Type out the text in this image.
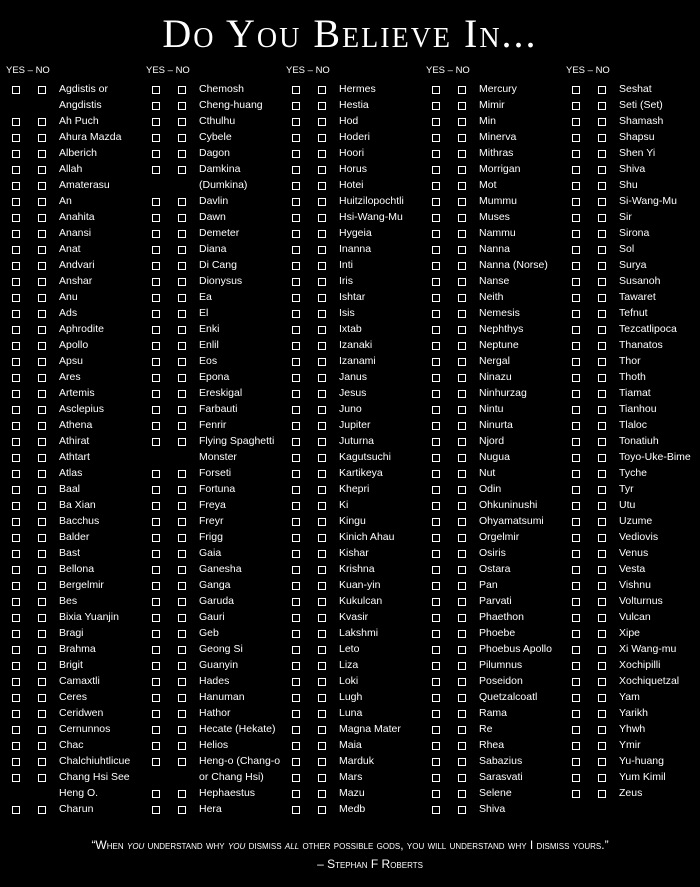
Do You Believe In...
YES – NO
Agdistis or
Angdistis
Ah Puch
Ahura Mazda
Alberich
Allah
Amaterasu
An
Anahita
Anansi
Anat
Andvari
Anshar
Anu
Ads
Aphrodite
Apollo
Apsu
Ares
Artemis
Asclepius
Athena
Athirat
Athtart
Atlas
Baal
Ba Xian
Bacchus
Balder
Bast
Bellona
Bergelmir
Bes
Bixia Yuanjin
Bragi
Brahma
Brigit
Camaxtli
Ceres
Ceridwen
Cernunnos
Chac
Chalchiuhtlicue
Chang Hsi See
Heng O.
Charun
YES – NO
Chemosh
Cheng-huang
Cthulhu
Cybele
Dagon
Damkina
(Dumkina)
Davlin
Dawn
Demeter
Diana
Di Cang
Dionysus
Ea
El
Enki
Enlil
Eos
Epona
Ereskigal
Farbauti
Fenrir
Flying Spaghetti
Monster
Forseti
Fortuna
Freya
Freyr
Frigg
Gaia
Ganesha
Ganga
Garuda
Gauri
Geb
Geong Si
Guanyin
Hades
Hanuman
Hathor
Hecate (Hekate)
Helios
Heng-o (Chang-o
or Chang Hsi)
Hephaestus
Hera
YES – NO
Hermes
Hestia
Hod
Hoderi
Hoori
Horus
Hotei
Huitzilopochtli
Hsi-Wang-Mu
Hygeia
Inanna
Inti
Iris
Ishtar
Isis
Ixtab
Izanaki
Izanami
Janus
Jesus
Juno
Jupiter
Juturna
Kagutsuchi
Kartikeya
Khepri
Ki
Kingu
Kinich Ahau
Kishar
Krishna
Kuan-yin
Kukulcan
Kvasir
Lakshmi
Leto
Liza
Loki
Lugh
Luna
Magna Mater
Maia
Marduk
Mars
Mazu
Medb
YES – NO
Mercury
Mimir
Min
Minerva
Mithras
Morrigan
Mot
Mummu
Muses
Nammu
Nanna
Nanna (Norse)
Nanse
Neith
Nemesis
Nephthys
Neptune
Nergal
Ninazu
Ninhurzag
Nintu
Ninurta
Njord
Nugua
Nut
Odin
Ohkuninushi
Ohyamatsumi
Orgelmir
Osiris
Ostara
Pan
Parvati
Phaethon
Phoebe
Phoebus Apollo
Pilumnus
Poseidon
Quetzalcoatl
Rama
Re
Rhea
Sabazius
Sarasvati
Selene
Shiva
YES – NO
Seshat
Seti (Set)
Shamash
Shapsu
Shen Yi
Shiva
Shu
Si-Wang-Mu
Sir
Sirona
Sol
Surya
Susanoh
Tawaret
Tefnut
Tezcatlipoca
Thanatos
Thor
Thoth
Tiamat
Tianhou
Tlaloc
Tonatiuh
Toyo-Uke-Bime
Tyche
Tyr
Utu
Uzume
Vediovis
Venus
Vesta
Vishnu
Volturnus
Vulcan
Xipe
Xi Wang-mu
Xochipilli
Xochiquetzal
Yam
Yarikh
Yhwh
Ymir
Yu-huang
Yum Kimil
Zeus
“When you understand why you dismiss all other possible gods, you will understand why I dismiss yours.”
– Stephan F Roberts
